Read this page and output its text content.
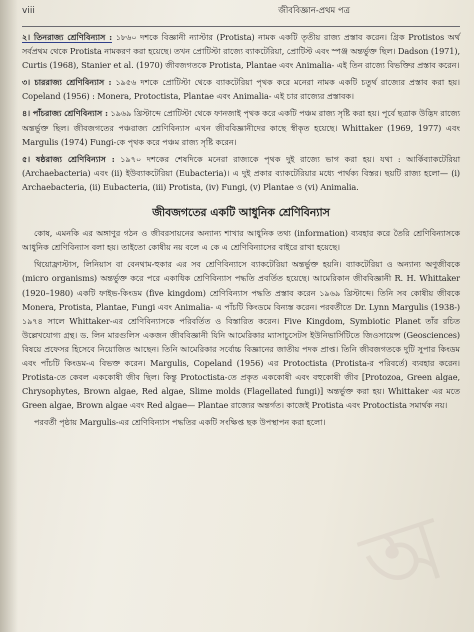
viii	জীববিজ্ঞান-প্রথম পত্র

২। তিনরাজ্য শ্রেণিবিন্যাস : ১৮৬০ দশকে বিজ্ঞানী ন্যাস্টার (Protista) নামক একটি তৃতীয় রাজ্য প্রস্তাব করেন। গ্রিক Protistos অর্থ সর্বপ্রথম থেকে Protista নামকরণ করা হয়েছে। তখন প্রোটিস্টা রাজ্যে ব্যাকটেরিয়া, প্রোটিস্ট এবং স্পঞ্জ অন্তর্ভুক্ত ছিল। Dadson (1971), Curtis (1968), Stanier et al. (1970) জীবজগতকে Protista, Plantae এবং Animalia- এই তিন রাজ্যে বিভক্তির প্রস্তাব করেন।

৩। চাররাজ্য শ্রেণিবিন্যাস : ১৯৫৬ দশকে প্রোটিস্টা থেকে ব্যাকটেরিয়া পৃথক করে মনেরা নামক একটি চতুর্থ রাজ্যের প্রস্তাব করা হয়। Copeland (1956) : Monera, Protoctista, Plantae এবং Animalia- এই চার রাজ্যের প্রস্তাবক।

৪। পাঁচরাজ্য শ্রেণিবিন্যাস : ১৯৬৯ খ্রিস্টাব্দে প্রোটিস্টা থেকে ফানজাই পৃথক করে একটি পঞ্চম রাজ্য সৃষ্টি করা হয়। পূর্বে ছত্রাক উদ্ভিদ রাজ্যে অন্তর্ভুক্ত ছিল। জীবজগতের পঞ্চরাজ্য শ্রেণিবিন্যাস এখন জীববিজ্ঞানীদের কাছে স্বীকৃত হয়েছে। Whittaker (1969, 1977) এবং Margulis (1974) Fungi-কে পৃথক করে পঞ্চম রাজ্য সৃষ্টি করেন।

৫। ষষ্ঠরাজ্য শ্রেণিবিন্যাস : ১৯৭০ দশকের শেষদিকে মনেরা রাজ্যকে পৃথক দুই রাজ্যে ভাগ করা হয়। যথা : আর্কিব্যাকটেরিয়া (Archaebacteria) এবং (ii) ইউব্যাকটেরিয়া (Eubacteria)। এ দুই প্রকার ব্যাকটেরিয়ার মধ্যে পার্থক্য বিস্তর। ছয়টি রাজ্য হলো— (i) Archaebacteria, (ii) Eubacteria, (iii) Protista, (iv) Fungi, (v) Plantae ও (vi) Animalia.

জীবজগতের একটি আধুনিক শ্রেণিবিন্যাস

কোষ, এমনকি এর অঙ্গাণুর গঠন ও জীবরসায়নের অন্যান্য শাখার আধুনিক তথ্য (information) ব্যবহার করে তৈরি শ্রেণিবিন্যাসকে আধুনিক শ্রেণিবিন্যাস বলা হয়। তাইতো কোষীয় নয় বলে এ কে এ শ্রেণিবিন্যাসের বাইরে রাখা হয়েছে।

থিয়োফ্রাস্টাস, লিনিয়াস বা বেনথাম-হুকার এর সব শ্রেণিবিন্যাসে ব্যাকটেরিয়া অন্তর্ভুক্ত হয়নি। ব্যাকটেরিয়া ও অন্যান্য অণুজীবকে (micro organisms) অন্তর্ভুক্ত করে পরে একাধিক শ্রেণিবিন্যাস পদ্ধতি প্রবর্তিত হয়েছে। আমেরিকান জীববিজ্ঞানী R. H. Whittaker (1920–1980) একটি ফাইভ-কিংডম (five kingdom) শ্রেণিবিন্যাস পদ্ধতি প্রস্তাব করেন ১৯৬৯ খ্রিস্টাব্দে। তিনি সব কোষীয় জীবকে Monera, Protista, Plantae, Fungi এবং Animalia- এ পাঁচটি কিংডমে বিন্যস্ত করেন। পরবর্তীতে Dr. Lynn Margulis (1938-) ১৯৭৪ সালে Whittaker-এর শ্রেণিবিন্যাসকে পরিবর্তিত ও বিস্তারিত করেন। Five Kingdom, Symbiotic Planet তাঁর রচিত উল্লেখযোগ্য গ্রন্থ। ড. লিন মারগুলিস একজন জীববিজ্ঞানী যিনি আমেরিকার ম্যাসাচুসেটস ইউনিভার্সিটিতে জিওসায়েন্স (Geosciences) বিষয়ে প্রফেসর হিসেবে নিয়োজিত আছেন। তিনি আমেরিকার সর্বোচ্চ বিজ্ঞানের জাতীয় পদক প্রাপ্ত। তিনি জীবজগতকে দুটি সুপার কিংডম এবং পাঁচটি কিংডম-এ বিভক্ত করেন। Margulis, Copeland (1956) এর Protoctista (Protista-র পরিবর্তে) ব্যবহার করেন। Protista-তে কেবল এককোষী জীব ছিল। কিন্তু Protoctista-তে প্রকৃত এককোষী এবং বহুকোষী জীব [Protozoa, Green algae, Chrysophytes, Brown algae, Red algae, Slime molds (Flagellated fungi)] অন্তর্ভুক্ত করা হয়। Whittaker এর মতে Green algae, Brown algae এবং Red algae— Plantae রাজ্যের অন্তর্গত। কাজেই Protista এবং Protoctista সমার্থক নয়।

পরবর্তী পৃষ্ঠায় Margulis-এর শ্রেণিবিন্যাস পদ্ধতির একটি সংক্ষিপ্ত ছক উপস্থাপন করা হলো।

অ
